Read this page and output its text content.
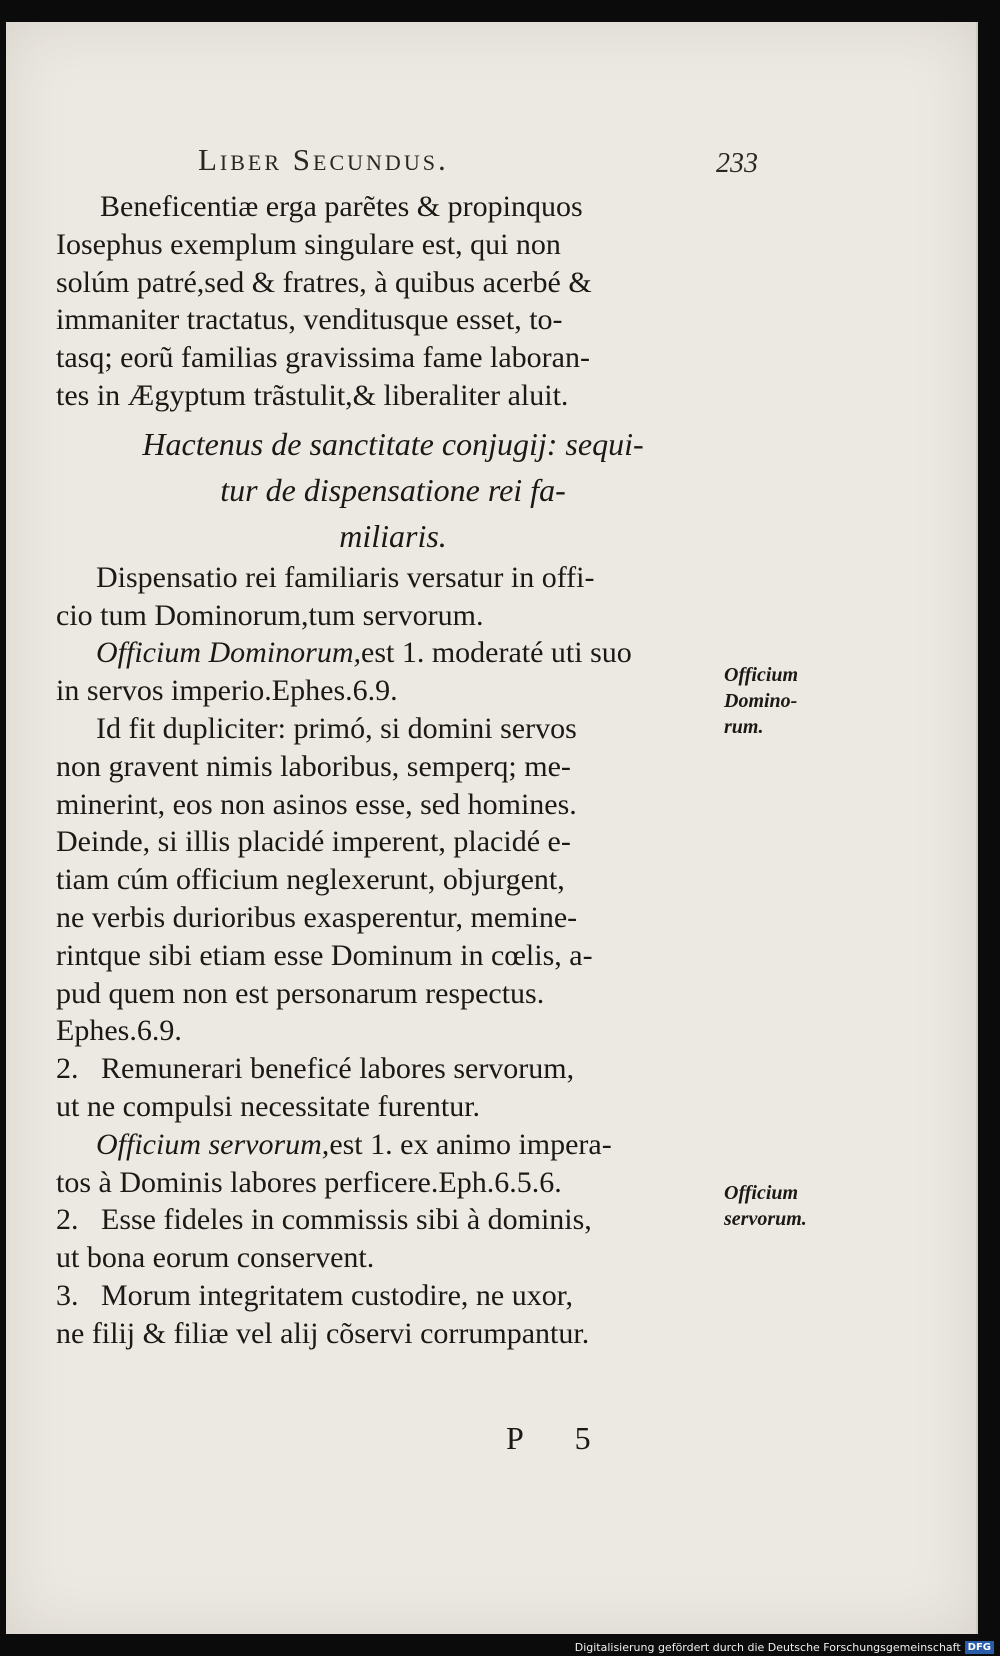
Liber Secundus.	233
Beneficentiæ erga parẽtes & propinquos
Iosephus exemplum singulare est, qui non
solúm patré,sed & fratres, à quibus acerbé &
immaniter tractatus, venditusque esset, to-
tasq; eorũ familias gravissima fame laboran-
tes in Ægyptum trãstulit,& liberaliter aluit.
Hactenus de sanctitate conjugij: sequi-
tur de dispensatione rei fa-
miliaris.
Dispensatio rei familiaris versatur in offi-
cio tum Dominorum,tum servorum.
Officium Dominorum,est 1. moderaté uti suo
in servos imperio.Ephes.6.9.
Id fit dupliciter: primó, si domini servos
non gravent nimis laboribus, semperq; me-
minerint, eos non asinos esse, sed homines.
Deinde, si illis placidé imperent, placidé e-
tiam cúm officium neglexerunt, objurgent,
ne verbis durioribus exasperentur, memine-
rintque sibi etiam esse Dominum in cœlis, a-
pud quem non est personarum respectus.
Ephes.6.9.
2.   Remunerari beneficé labores servorum,
ut ne compulsi necessitate furentur.
Officium servorum,est 1. ex animo impera-
tos à Dominis labores perficere.Eph.6.5.6.
2.   Esse fideles in commissis sibi à dominis,
ut bona eorum conservent.
3.   Morum integritatem custodire, ne uxor,
ne filij & filiæ vel alij cõservi corrumpantur.
Officium
Domino-
rum.
Officium
servorum.
P 5
Digitalisierung gefördert durch die Deutsche Forschungsgemeinschaft DFG
